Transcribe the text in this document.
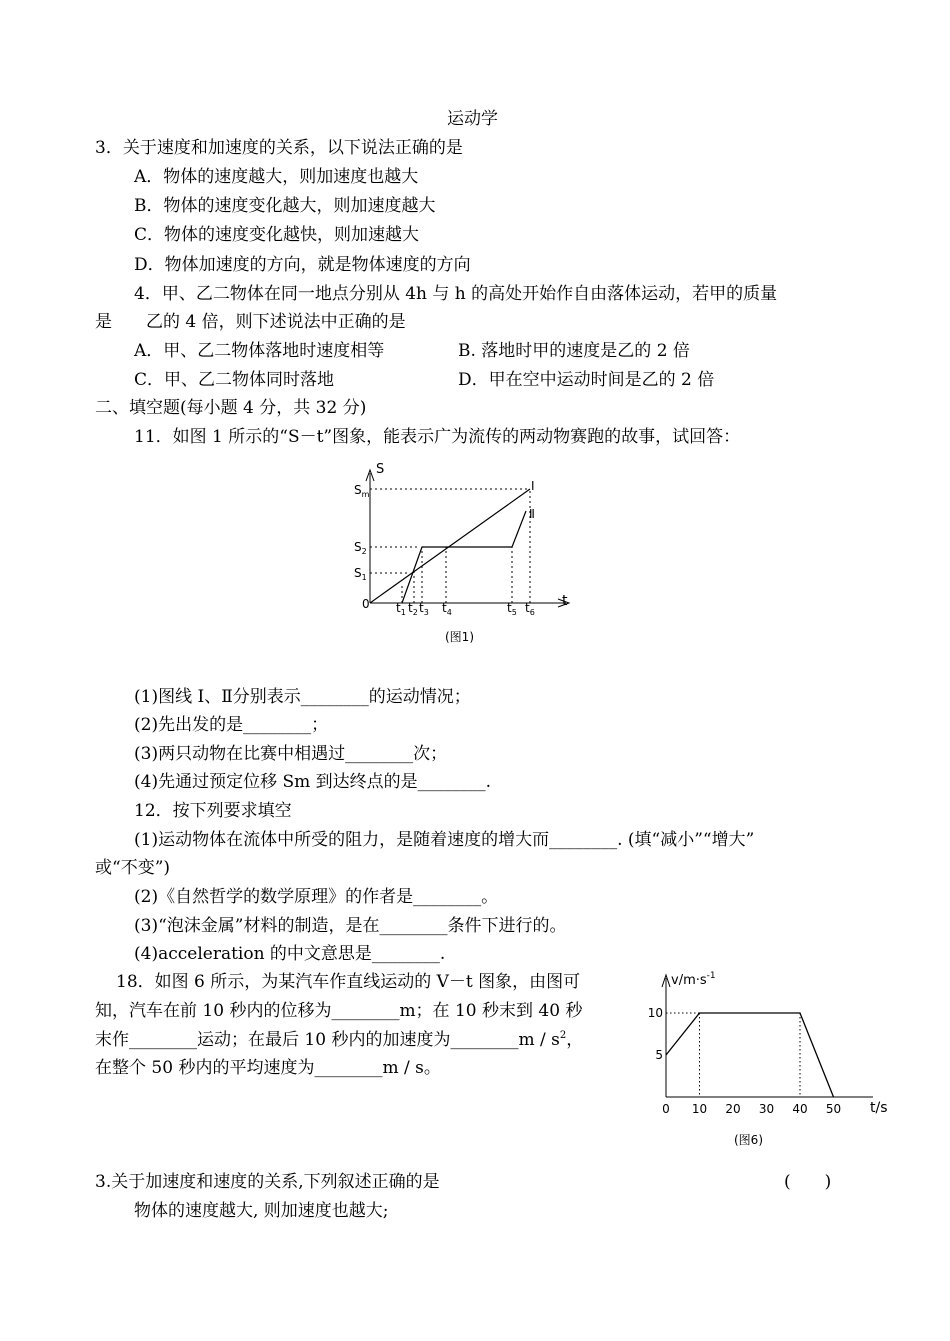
运动学
3．关于速度和加速度的关系，以下说法正确的是
A．物体的速度越大，则加速度也越大
B．物体的速度变化越大，则加速度越大
C．物体的速度变化越快，则加速越大
D．物体加速度的方向，就是物体速度的方向
4．甲、乙二物体在同一地点分别从 4h 与 h 的高处开始作自由落体运动，若甲的质量
是　　乙的 4 倍，则下述说法中正确的是
A．甲、乙二物体落地时速度相等	B. 落地时甲的速度是乙的 2 倍
C．甲、乙二物体同时落地	D．甲在空中运动时间是乙的 2 倍
二、填空题(每小题 4 分，共 32 分)
11．如图 1 所示的“S－t”图象，能表示广为流传的两动物赛跑的故事，试回答：
S
t
0
$S_m$
$S_2$
$S_1$
$t_1$ $t_2$ $t_3$ $t_4$	$t_5$ $t_6$
I
Ⅱ
(图1)
(1)图线 I、Ⅱ分别表示________的运动情况；
(2)先出发的是________；
(3)两只动物在比赛中相遇过________次；
(4)先通过预定位移 Sm 到达终点的是________.
12．按下列要求填空
(1)运动物体在流体中所受的阻力，是随着速度的增大而________. (填“减小”“增大”
或“不变”)
(2)《自然哲学的数学原理》的作者是________。
(3)“泡沫金属”材料的制造，是在________条件下进行的。
(4)acceleration 的中文意思是________.
18．如图 6 所示，为某汽车作直线运动的 V－t 图象，由图可
知，汽车在前 10 秒内的位移为________m；在 10 秒末到 40 秒
末作________运动；在最后 10 秒内的加速度为________m / $s^2$，
在整个 50 秒内的平均速度为________m / s。
0 10 20 30 40 50
5
10
$v/m\cdot s^{-1}$
t/s
(图6)
3.关于加速度和速度的关系,下列叙述正确的是	(　　)
物体的速度越大, 则加速度也越大;
